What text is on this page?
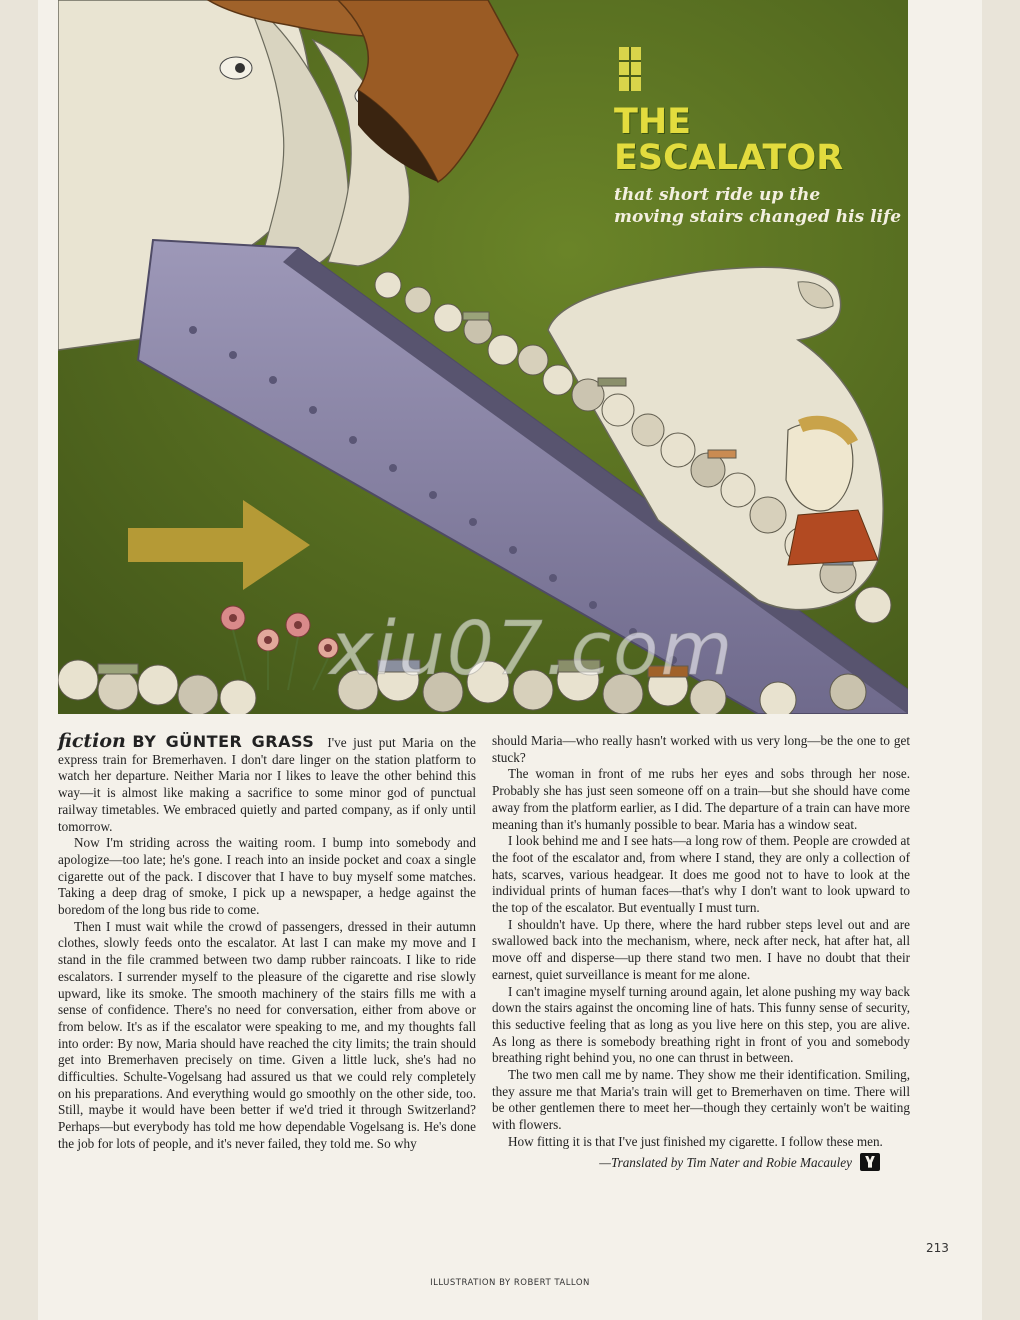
THE
ESCALATOR
that short ride up the
moving stairs changed his life
xiu07.com

fiction BY GÜNTER GRASS I've just put Maria on the express train for Bremerhaven. I don't dare linger on the station platform to watch her departure. Neither Maria nor I likes to leave the other behind this way—it is almost like making a sacrifice to some minor god of punctual railway timetables. We embraced quietly and parted company, as if only until tomorrow.

Now I'm striding across the waiting room. I bump into somebody and apologize—too late; he's gone. I reach into an inside pocket and coax a single cigarette out of the pack. I discover that I have to buy myself some matches. Taking a deep drag of smoke, I pick up a newspaper, a hedge against the boredom of the long bus ride to come.

Then I must wait while the crowd of passengers, dressed in their autumn clothes, slowly feeds onto the escalator. At last I can make my move and I stand in the file crammed between two damp rubber raincoats. I like to ride escalators. I surrender myself to the pleasure of the cigarette and rise slowly upward, like its smoke. The smooth machinery of the stairs fills me with a sense of confidence. There's no need for conversation, either from above or from below. It's as if the escalator were speaking to me, and my thoughts fall into order: By now, Maria should have reached the city limits; the train should get into Bremerhaven precisely on time. Given a little luck, she's had no difficulties. Schulte-Vogelsang had assured us that we could rely completely on his preparations. And everything would go smoothly on the other side, too. Still, maybe it would have been better if we'd tried it through Switzerland? Perhaps—but everybody has told me how dependable Vogelsang is. He's done the job for lots of people, and it's never failed, they told me. So why

should Maria—who really hasn't worked with us very long—be the one to get stuck?

The woman in front of me rubs her eyes and sobs through her nose. Probably she has just seen someone off on a train—but she should have come away from the platform earlier, as I did. The departure of a train can have more meaning than it's humanly possible to bear. Maria has a window seat.

I look behind me and I see hats—a long row of them. People are crowded at the foot of the escalator and, from where I stand, they are only a collection of hats, scarves, various headgear. It does me good not to have to look at the individual prints of human faces—that's why I don't want to look upward to the top of the escalator. But eventually I must turn.

I shouldn't have. Up there, where the hard rubber steps level out and are swallowed back into the mechanism, where, neck after neck, hat after hat, all move off and disperse—up there stand two men. I have no doubt that their earnest, quiet surveillance is meant for me alone.

I can't imagine myself turning around again, let alone pushing my way back down the stairs against the oncoming line of hats. This funny sense of security, this seductive feeling that as long as you live here on this step, you are alive. As long as there is somebody breathing right in front of you and somebody breathing right behind you, no one can thrust in between.

The two men call me by name. They show me their identification. Smiling, they assure me that Maria's train will get to Bremerhaven on time. There will be other gentlemen there to meet her—though they certainly won't be waiting with flowers.

How fitting it is that I've just finished my cigarette. I follow these men.

—Translated by Tim Nater and Robie Macauley
213
ILLUSTRATION BY ROBERT TALLON
